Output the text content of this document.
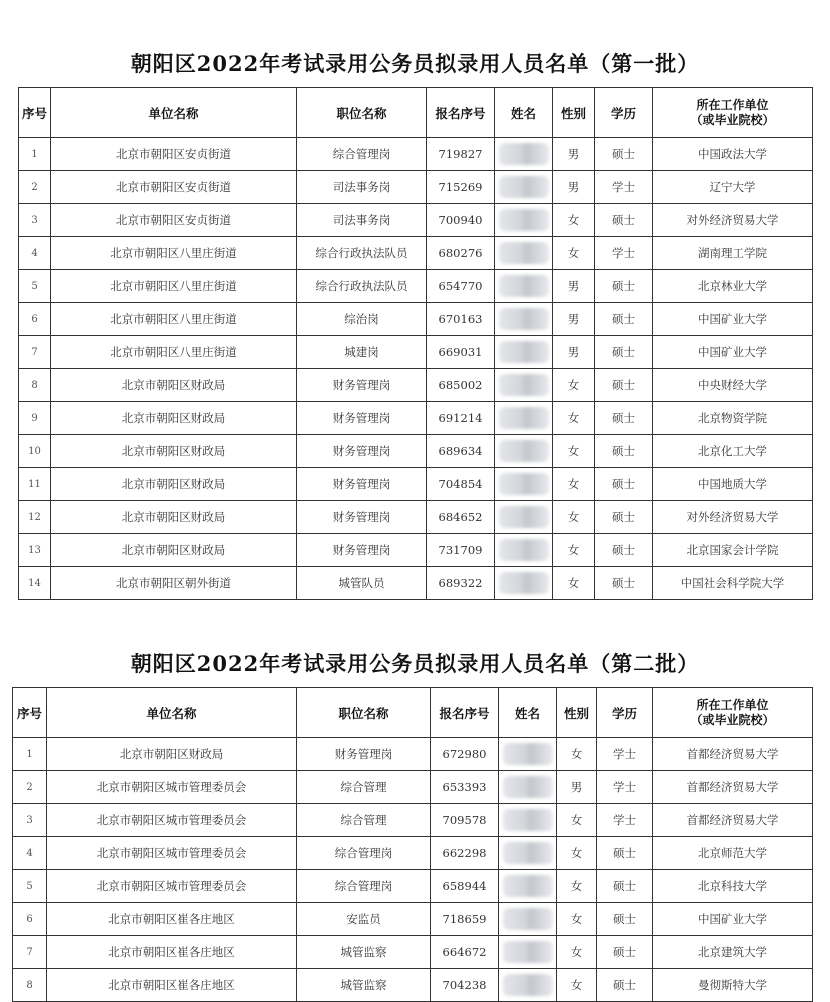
朝阳区2022年考试录用公务员拟录用人员名单（第一批）
序号	单位名称	职位名称	报名序号	姓名	性别	学历	所在工作单位
（或毕业院校）

1	北京市朝阳区安贞街道	综合管理岗	719827		男	硕士	中国政法大学
2	北京市朝阳区安贞街道	司法事务岗	715269		男	学士	辽宁大学
3	北京市朝阳区安贞街道	司法事务岗	700940		女	硕士	对外经济贸易大学
4	北京市朝阳区八里庄街道	综合行政执法队员	680276		女	学士	湖南理工学院
5	北京市朝阳区八里庄街道	综合行政执法队员	654770		男	硕士	北京林业大学
6	北京市朝阳区八里庄街道	综治岗	670163		男	硕士	中国矿业大学
7	北京市朝阳区八里庄街道	城建岗	669031		男	硕士	中国矿业大学
8	北京市朝阳区财政局	财务管理岗	685002		女	硕士	中央财经大学
9	北京市朝阳区财政局	财务管理岗	691214		女	硕士	北京物资学院
10	北京市朝阳区财政局	财务管理岗	689634		女	硕士	北京化工大学
11	北京市朝阳区财政局	财务管理岗	704854		女	硕士	中国地质大学
12	北京市朝阳区财政局	财务管理岗	684652		女	硕士	对外经济贸易大学
13	北京市朝阳区财政局	财务管理岗	731709		女	硕士	北京国家会计学院
14	北京市朝阳区朝外街道	城管队员	689322		女	硕士	中国社会科学院大学
朝阳区2022年考试录用公务员拟录用人员名单（第二批）
序号	单位名称	职位名称	报名序号	姓名	性别	学历	所在工作单位
（或毕业院校）

1	北京市朝阳区财政局	财务管理岗	672980		女	学士	首都经济贸易大学
2	北京市朝阳区城市管理委员会	综合管理	653393		男	学士	首都经济贸易大学
3	北京市朝阳区城市管理委员会	综合管理	709578		女	学士	首都经济贸易大学
4	北京市朝阳区城市管理委员会	综合管理岗	662298		女	硕士	北京师范大学
5	北京市朝阳区城市管理委员会	综合管理岗	658944		女	硕士	北京科技大学
6	北京市朝阳区崔各庄地区	安监员	718659		女	硕士	中国矿业大学
7	北京市朝阳区崔各庄地区	城管监察	664672		女	硕士	北京建筑大学
8	北京市朝阳区崔各庄地区	城管监察	704238		女	硕士	曼彻斯特大学
